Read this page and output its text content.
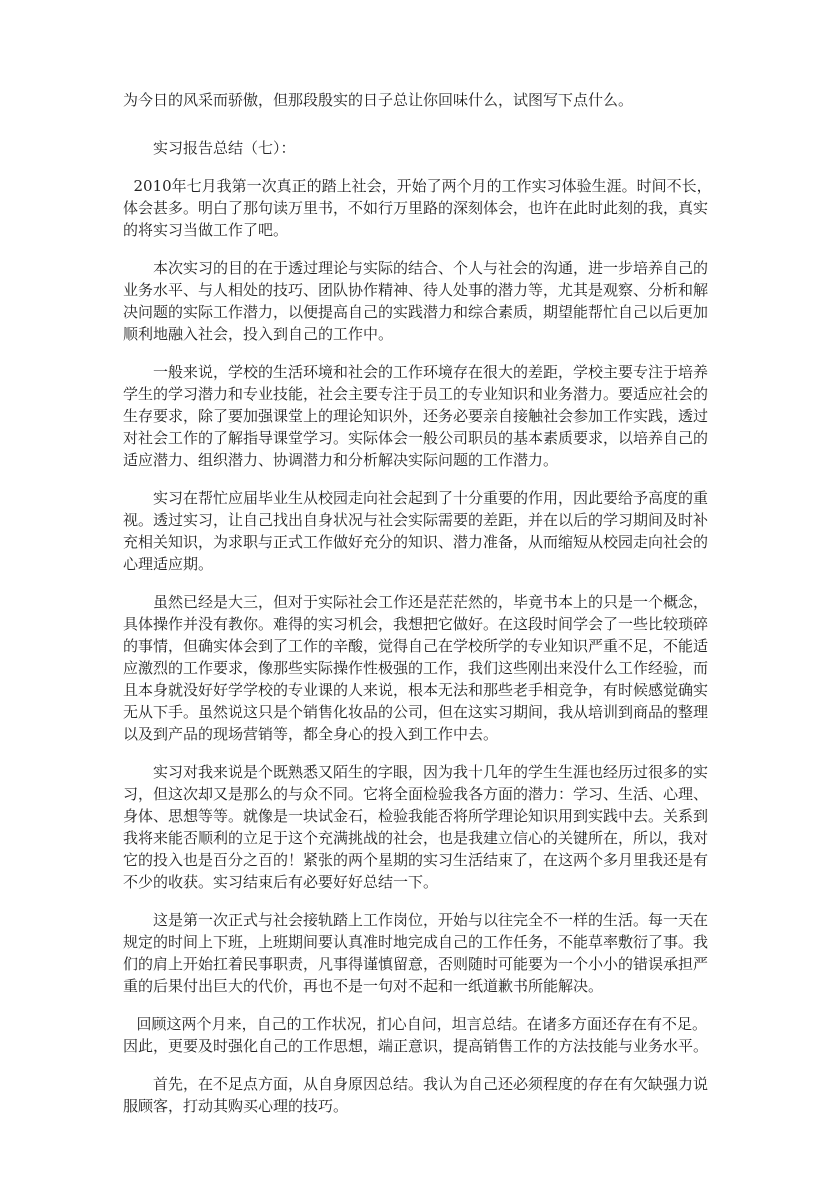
为今日的风采而骄傲，但那段殷实的日子总让你回味什么，试图写下点什么。
实习报告总结（七）：
2010年七月我第一次真正的踏上社会，开始了两个月的工作实习体验生涯。时间不长，
体会甚多。明白了那句读万里书，不如行万里路的深刻体会，也许在此时此刻的我，真实
的将实习当做工作了吧。
本次实习的目的在于透过理论与实际的结合、个人与社会的沟通，进一步培养自己的
业务水平、与人相处的技巧、团队协作精神、待人处事的潜力等，尤其是观察、分析和解
决问题的实际工作潜力，以便提高自己的实践潜力和综合素质，期望能帮忙自己以后更加
顺利地融入社会，投入到自己的工作中。
一般来说，学校的生活环境和社会的工作环境存在很大的差距，学校主要专注于培养
学生的学习潜力和专业技能，社会主要专注于员工的专业知识和业务潜力。要适应社会的
生存要求，除了要加强课堂上的理论知识外，还务必要亲自接触社会参加工作实践，透过
对社会工作的了解指导课堂学习。实际体会一般公司职员的基本素质要求，以培养自己的
适应潜力、组织潜力、协调潜力和分析解决实际问题的工作潜力。
实习在帮忙应届毕业生从校园走向社会起到了十分重要的作用，因此要给予高度的重
视。透过实习，让自己找出自身状况与社会实际需要的差距，并在以后的学习期间及时补
充相关知识，为求职与正式工作做好充分的知识、潜力准备，从而缩短从校园走向社会的
心理适应期。
虽然已经是大三，但对于实际社会工作还是茫茫然的，毕竟书本上的只是一个概念，
具体操作并没有教你。难得的实习机会，我想把它做好。在这段时间学会了一些比较琐碎
的事情，但确实体会到了工作的辛酸，觉得自己在学校所学的专业知识严重不足，不能适
应激烈的工作要求，像那些实际操作性极强的工作，我们这些刚出来没什么工作经验，而
且本身就没好好学学校的专业课的人来说，根本无法和那些老手相竞争，有时候感觉确实
无从下手。虽然说这只是个销售化妆品的公司，但在这实习期间，我从培训到商品的整理
以及到产品的现场营销等，都全身心的投入到工作中去。
实习对我来说是个既熟悉又陌生的字眼，因为我十几年的学生生涯也经历过很多的实
习，但这次却又是那么的与众不同。它将全面检验我各方面的潜力：学习、生活、心理、
身体、思想等等。就像是一块试金石，检验我能否将所学理论知识用到实践中去。关系到
我将来能否顺利的立足于这个充满挑战的社会，也是我建立信心的关键所在，所以，我对
它的投入也是百分之百的！紧张的两个星期的实习生活结束了，在这两个多月里我还是有
不少的收获。实习结束后有必要好好总结一下。
这是第一次正式与社会接轨踏上工作岗位，开始与以往完全不一样的生活。每一天在
规定的时间上下班，上班期间要认真准时地完成自己的工作任务，不能草率敷衍了事。我
们的肩上开始扛着民事职责，凡事得谨慎留意，否则随时可能要为一个小小的错误承担严
重的后果付出巨大的代价，再也不是一句对不起和一纸道歉书所能解决。
回顾这两个月来，自己的工作状况，扪心自问，坦言总结。在诸多方面还存在有不足。
因此，更要及时强化自己的工作思想，端正意识，提高销售工作的方法技能与业务水平。
首先，在不足点方面，从自身原因总结。我认为自己还必须程度的存在有欠缺强力说
服顾客，打动其购买心理的技巧。
